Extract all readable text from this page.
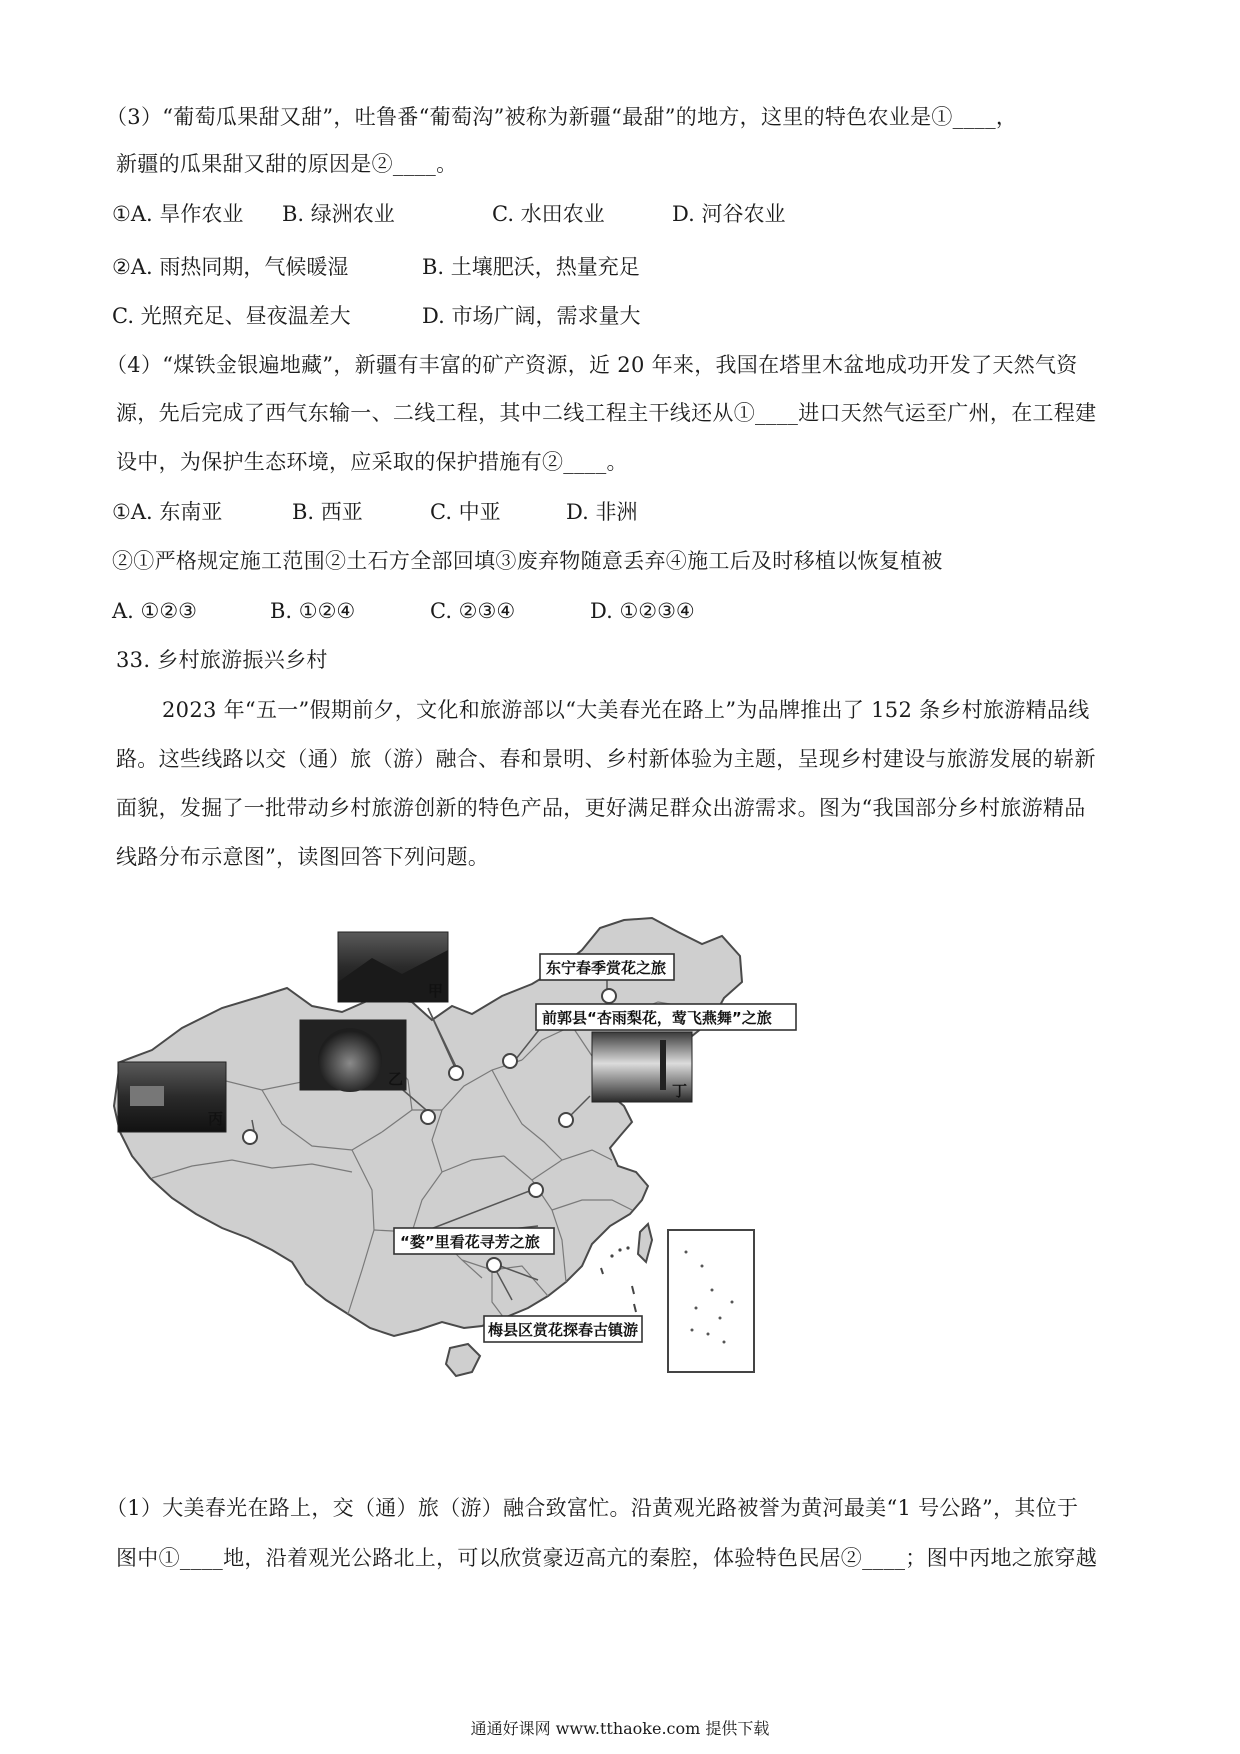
（3）“葡萄瓜果甜又甜”，吐鲁番“葡萄沟”被称为新疆“最甜”的地方，这里的特色农业是①____，
新疆的瓜果甜又甜的原因是②____。
①A. 旱作农业 B. 绿洲农业	C. 水田农业	D. 河谷农业
②A. 雨热同期，气候暖湿	B. 土壤肥沃，热量充足
C. 光照充足、昼夜温差大	D. 市场广阔，需求量大
（4）“煤铁金银遍地藏”，新疆有丰富的矿产资源，近 20 年来，我国在塔里木盆地成功开发了天然气资
源，先后完成了西气东输一、二线工程，其中二线工程主干线还从①____进口天然气运至广州，在工程建
设中，为保护生态环境，应采取的保护措施有②____。
①A. 东南亚	B. 西亚	C. 中亚	D. 非洲
②①严格规定施工范围②土石方全部回填③废弃物随意丢弃④施工后及时移植以恢复植被
A. ①②③	B. ①②④	C. ②③④	D. ①②③④
33. 乡村旅游振兴乡村
2023 年“五一”假期前夕，文化和旅游部以“大美春光在路上”为品牌推出了 152 条乡村旅游精品线
路。这些线路以交（通）旅（游）融合、春和景明、乡村新体验为主题，呈现乡村建设与旅游发展的崭新
面貌，发掘了一批带动乡村旅游创新的特色产品，更好满足群众出游需求。图为“我国部分乡村旅游精品
线路分布示意图”，读图回答下列问题。
甲
乙
丙
丁
东宁春季赏花之旅
前郭县“杏雨梨花，莺飞燕舞”之旅
“婺”里看花寻芳之旅
梅县区赏花探春古镇游
（1）大美春光在路上，交（通）旅（游）融合致富忙。沿黄观光路被誉为黄河最美“1 号公路”，其位于
图中①____地，沿着观光公路北上，可以欣赏豪迈高亢的秦腔，体验特色民居②____；图中丙地之旅穿越
通通好课网 www.tthaoke.com 提供下载
